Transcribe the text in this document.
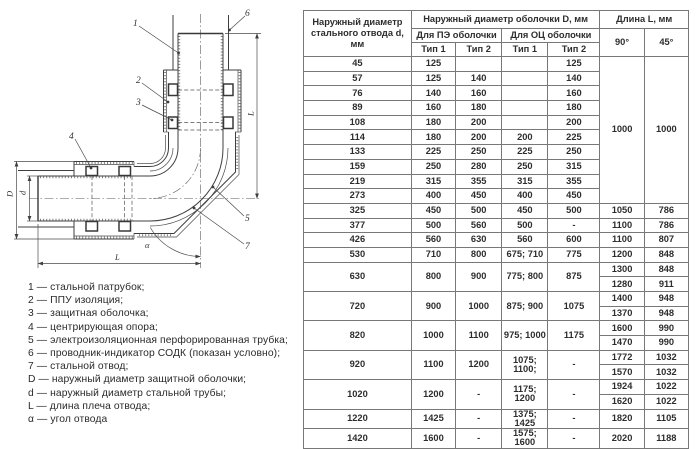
L
L
D d
α
1
2
3
4
5
6
7
1 — стальной патрубок;
2 — ППУ изоляция;
3 — защитная оболочка;
4 — центрирующая опора;
5 — электроизоляционная перфорированная трубка;
6 — проводник-индикатор СОДК (показан условно);
7 — стальной отвод;
D — наружный диаметр защитной оболочки;
d — наружный диаметр стальной трубы;
L — длина плеча отвода;
α — угол отвода
Наружный диаметр стального отвода d, мм	Наружный диаметр оболочки D, мм				Длина L, мм	
	Для ПЭ оболочки		Для ОЦ оболочки		90°	45°
	Тип 1	Тип 2	Тип 1	Тип 2		
45	125			125	1000	1000
57	125	140		140		
76	140	160		160		
89	160	180		180		
108	180	200		200		
114	180	200	200	225		
133	225	250	225	250		
159	250	280	250	315		
219	315	355	315	355		
273	400	450	400	450		
325	450	500	450	500	1050	786
377	500	560	500	-	1100	786
426	560	630	560	600	1100	807
530	710	800	675; 710	775	1200	848
630	800	900	775; 800	875	1300	848
					1280	911
720	900	1000	875; 900	1075	1400	948
					1370	948
820	1000	1100	975; 1000	1175	1600	990
					1470	990
920	1100	1200	1075; 1100;	-	1772	1032
					1570	1032
1020	1200	-	1175; 1200	-	1924	1022
					1620	1022
1220	1425	-	1375; 1425	-	1820	1105
1420	1600	-	1575; 1600	-	2020	1188
